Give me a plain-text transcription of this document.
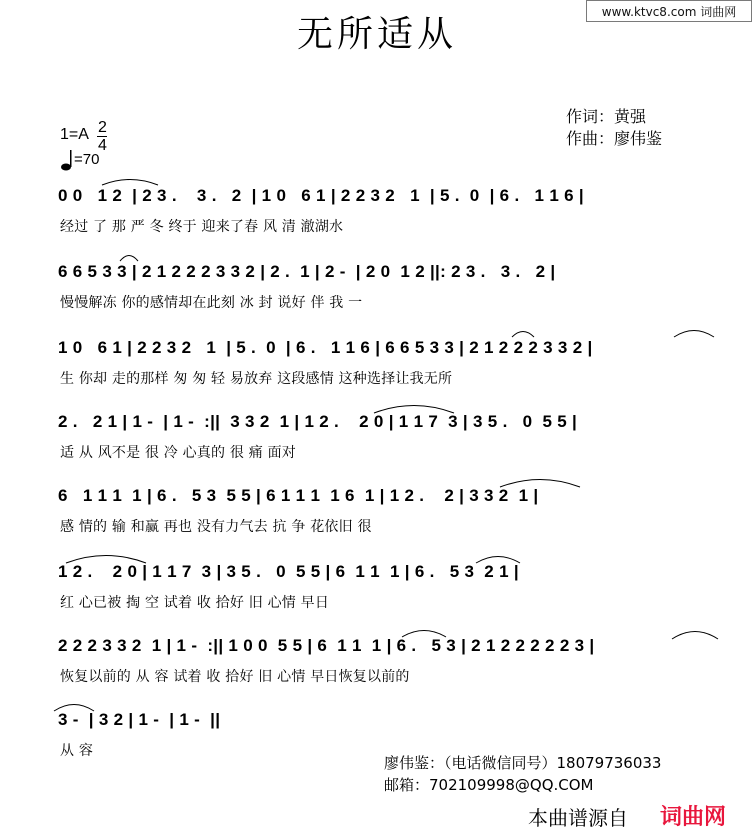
www.ktvc8.com 词曲网
无所适从
作词：黄强
作曲：廖伟鉴
1=A 2
4
=70
0 0   1 2  | 2 3 .    3 .   2  | 1 0   6 1 | 2 2 3 2   1  | 5 .  0  | 6 .   1 1 6 |
经过 了 那 严 冬 终于 迎来了春 风 清 澈湖水
6 6 5 3 3 | 2 1 2 2 2 3 3 2 | 2 .  1 | 2 -  | 2 0  1 2 ||: 2 3 .   3 .   2 |
慢慢解冻 你的感情却在此刻 冰 封 说好 伴 我 一
1 0   6 1 | 2 2 3 2   1  | 5 .  0  | 6 .   1 1 6 | 6 6 5 3 3 | 2 1 2 2 2 3 3 2 |
生 你却 走的那样 匆 匆 轻 易放弃 这段感情 这种选择让我无所
2 .   2 1 | 1 -  | 1 -  :||  3 3 2  1 | 1 2 .    2 0 | 1 1 7  3 | 3 5 .   0  5 5 |
适 从 风不是 很 冷 心真的 很 痛 面对
6   1 1 1  1 | 6 .   5 3  5 5 | 6 1 1 1  1 6  1 | 1 2 .    2 | 3 3 2  1 |
感 情的 输 和赢 再也 没有力气去 抗 争 花依旧 很
1 2 .    2 0 | 1 1 7  3 | 3 5 .   0  5 5 | 6  1 1  1 | 6 .   5 3  2 1 |
红 心已被 掏 空 试着 收 拾好 旧 心情 早日
2 2 2 3 3 2  1 | 1 -  :|| 1 0 0  5 5 | 6  1 1  1 | 6 .   5 3 | 2 1 2 2 2 2 2 3 |
恢复以前的 从 容 试着 收 拾好 旧 心情 早日恢复以前的
3 -  | 3 2 | 1 -  | 1 -  ||
从 容
廖伟鉴：（电话微信同号）18079736033
邮箱：702109998@QQ.COM
本曲谱源自 词曲网
